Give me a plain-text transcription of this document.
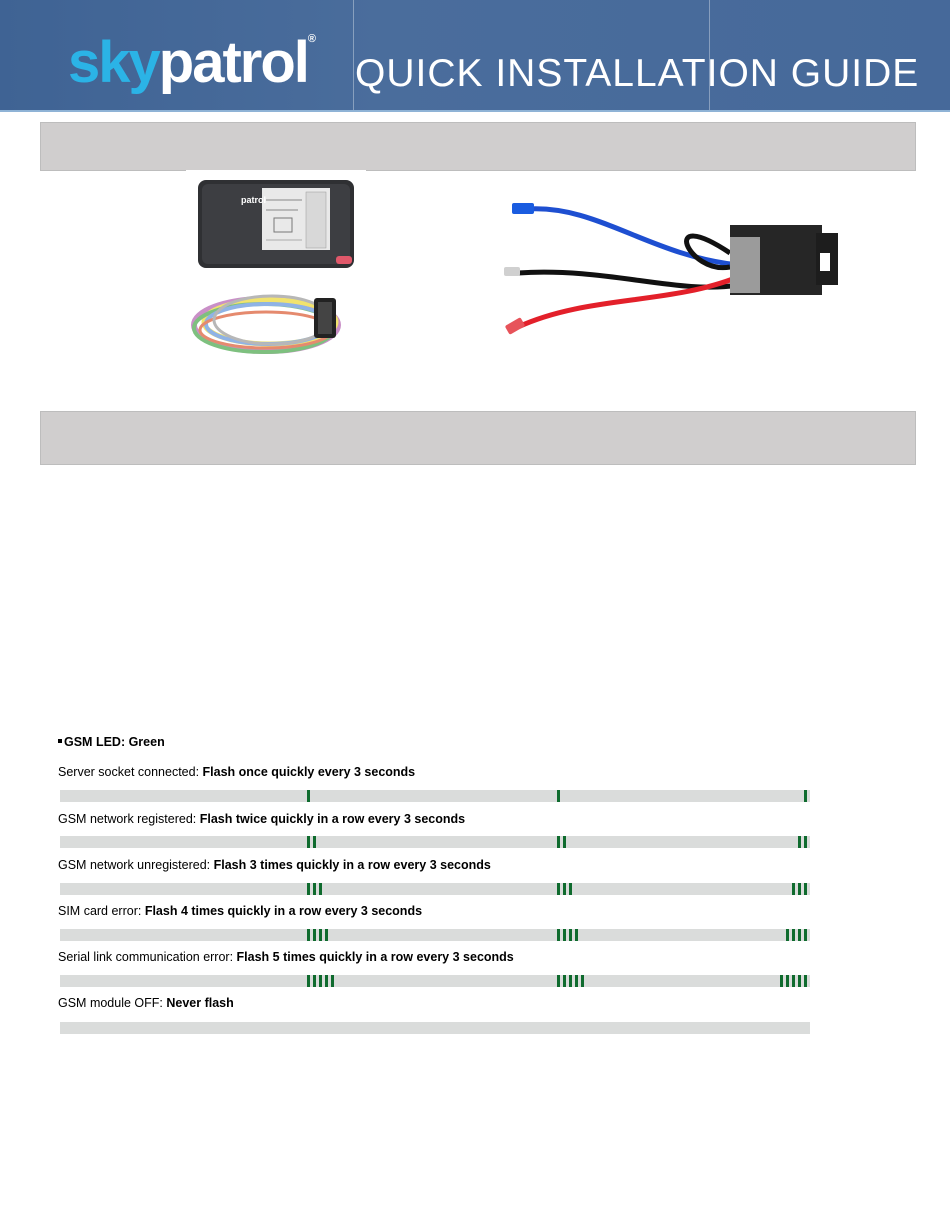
skypatrol®
QUICK INSTALLATION GUIDE
patrol
GSM LED: Green
Server socket connected: Flash once quickly every 3 seconds
GSM network registered: Flash twice quickly in a row every 3 seconds
GSM network unregistered: Flash 3 times quickly in a row every 3 seconds
SIM card error: Flash 4 times quickly in a row every 3 seconds
Serial link communication error: Flash 5 times quickly in a row every 3 seconds
GSM module OFF: Never flash
